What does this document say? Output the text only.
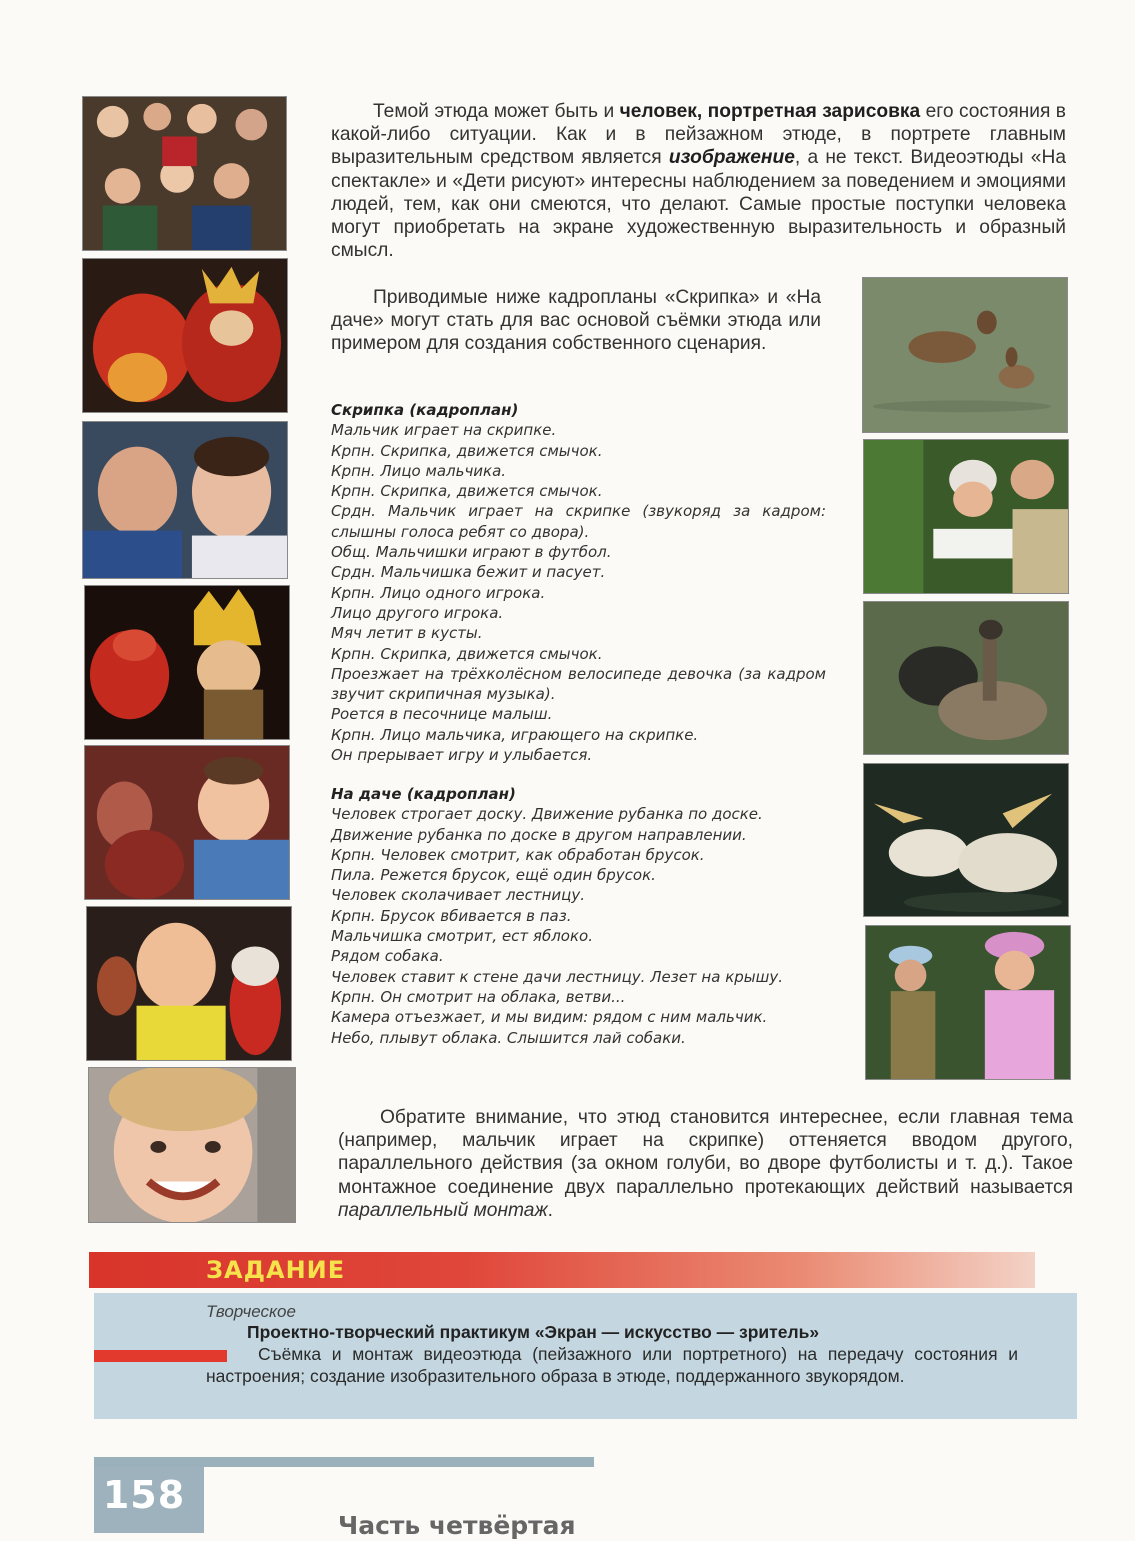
Темой этюда может быть и человек, портретная зарисовка его состояния в какой-либо ситуации. Как и в пейзажном этюде, в портрете главным выразительным средством является изображение, а не текст. Видеоэтюды «На спектакле» и «Дети рисуют» интересны наблюдением за поведением и эмоциями людей, тем, как они смеются, что делают. Самые простые поступки человека могут приобретать на экране художественную выразительность и образный смысл.

Приводимые ниже кадропланы «Скрипка» и «На даче» могут стать для вас основой съёмки этюда или примером для создания собственного сценария.

Скрипка (кадроплан)
Мальчик играет на скрипке.
Крпн. Скрипка, движется смычок.
Крпн. Лицо мальчика.
Крпн. Скрипка, движется смычок.
Срдн. Мальчик играет на скрипке (звукоряд за кадром: слышны голоса ребят со двора).
Общ. Мальчишки играют в футбол.
Срдн. Мальчишка бежит и пасует.
Крпн. Лицо одного игрока.
Лицо другого игрока.
Мяч летит в кусты.
Крпн. Скрипка, движется смычок.
Проезжает на трёхколёсном велосипеде девочка (за кадром звучит скрипичная музыка).
Роется в песочнице малыш.
Крпн. Лицо мальчика, играющего на скрипке.
Он прерывает игру и улыбается.
На даче (кадроплан)
Человек строгает доску. Движение рубанка по доске.
Движение рубанка по доске в другом направлении.
Крпн. Человек смотрит, как обработан брусок.
Пила. Режется брусок, ещё один брусок.
Человек сколачивает лестницу.
Крпн. Брусок вбивается в паз.
Мальчишка смотрит, ест яблоко.
Рядом собака.
Человек ставит к стене дачи лестницу. Лезет на крышу.
Крпн. Он смотрит на облака, ветви...
Камера отъезжает, и мы видим: рядом с ним мальчик.
Небо, плывут облака. Слышится лай собаки.

Обратите внимание, что этюд становится интереснее, если главная тема (например, мальчик играет на скрипке) оттеняется вводом другого, параллельного действия (за окном голуби, во дворе футболисты и т. д.). Такое монтажное соединение двух параллельно протекающих действий называется параллельный монтаж.

ЗАДАНИЕ
Творческое
Проектно-творческий практикум «Экран — искусство — зритель»
Съёмка и монтаж видеоэтюда (пейзажного или портретного) на передачу состояния и настроения; создание изобразительного образа в этюде, поддержанного звукорядом.
158
Часть четвёртая
